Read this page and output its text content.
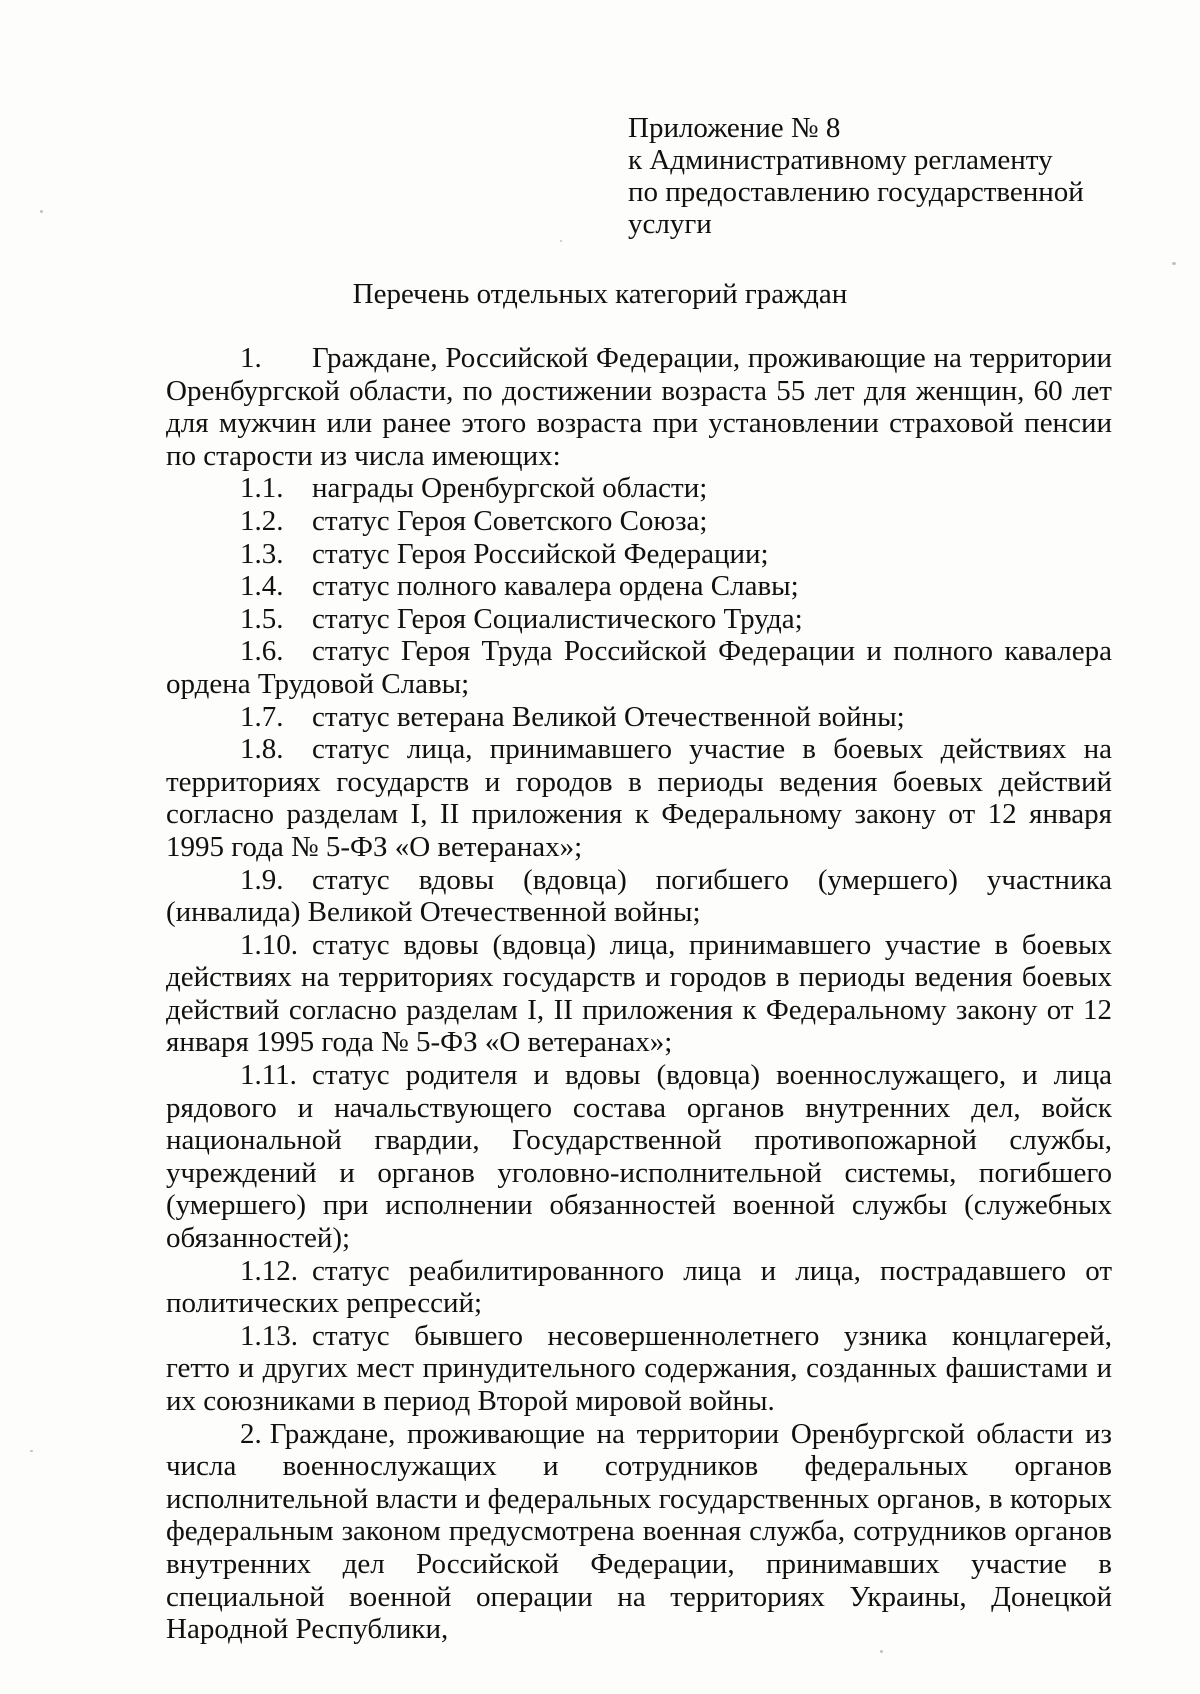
Приложение № 8
к Административному регламенту
по предоставлению государственной
услуги
Перечень отдельных категорий граждан

1. Граждане, Российской Федерации, проживающие на территории Оренбургской области, по достижении возраста 55 лет для женщин, 60 лет для мужчин или ранее этого возраста при установлении страховой пенсии по старости из числа имеющих:

1.1. награды Оренбургской области;

1.2. статус Героя Советского Союза;

1.3. статус Героя Российской Федерации;

1.4. статус полного кавалера ордена Славы;

1.5. статус Героя Социалистического Труда;

1.6. статус Героя Труда Российской Федерации и полного кавалера ордена Трудовой Славы;

1.7. статус ветерана Великой Отечественной войны;

1.8. статус лица, принимавшего участие в боевых действиях на территориях государств и городов в периоды ведения боевых действий согласно разделам I, II приложения к Федеральному закону от 12 января 1995 года № 5-ФЗ «О ветеранах»;

1.9. статус вдовы (вдовца) погибшего (умершего) участника (инвалида) Великой Отечественной войны;

1.10. статус вдовы (вдовца) лица, принимавшего участие в боевых действиях на территориях государств и городов в периоды ведения боевых действий согласно разделам I, II приложения к Федеральному закону от 12 января 1995 года № 5-ФЗ «О ветеранах»;

1.11. статус родителя и вдовы (вдовца) военнослужащего, и лица рядового и начальствующего состава органов внутренних дел, войск национальной гвардии, Государственной противопожарной службы, учреждений и органов уголовно-исполнительной системы, погибшего (умершего) при исполнении обязанностей военной службы (служебных обязанностей);

1.12. статус реабилитированного лица и лица, пострадавшего от политических репрессий;

1.13. статус бывшего несовершеннолетнего узника концлагерей, гетто и других мест принудительного содержания, созданных фашистами и их союзниками в период Второй мировой войны.

2. Граждане, проживающие на территории Оренбургской области из числа военнослужащих и сотрудников федеральных органов исполнительной власти и федеральных государственных органов, в которых федеральным законом предусмотрена военная служба, сотрудников органов внутренних дел Российской Федерации, принимавших участие в специальной военной операции на территориях Украины, Донецкой Народной Республики,
